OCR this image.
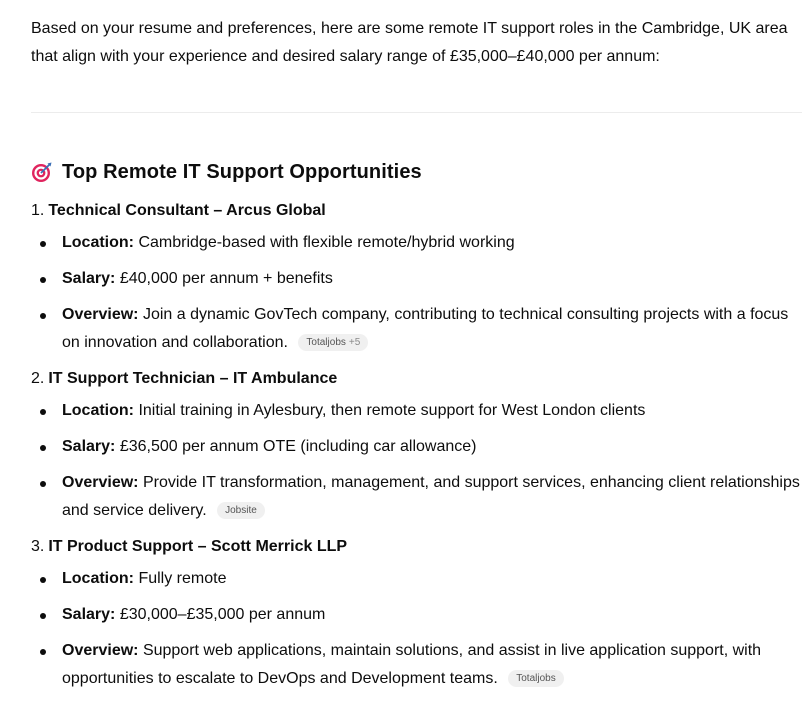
Based on your resume and preferences, here are some remote IT support roles in the Cambridge, UK area that align with your experience and desired salary range of £35,000–£40,000 per annum:

Top Remote IT Support Opportunities

1. Technical Consultant – Arcus Global

Location: Cambridge-based with flexible remote/hybrid working
Salary: £40,000 per annum + benefits
Overview: Join a dynamic GovTech company, contributing to technical consulting projects with a focus on innovation and collaboration. Totaljobs +5

2. IT Support Technician – IT Ambulance

Location: Initial training in Aylesbury, then remote support for West London clients
Salary: £36,500 per annum OTE (including car allowance)
Overview: Provide IT transformation, management, and support services, enhancing client relationships and service delivery. Jobsite

3. IT Product Support – Scott Merrick LLP

Location: Fully remote
Salary: £30,000–£35,000 per annum
Overview: Support web applications, maintain solutions, and assist in live application support, with opportunities to escalate to DevOps and Development teams. Totaljobs
